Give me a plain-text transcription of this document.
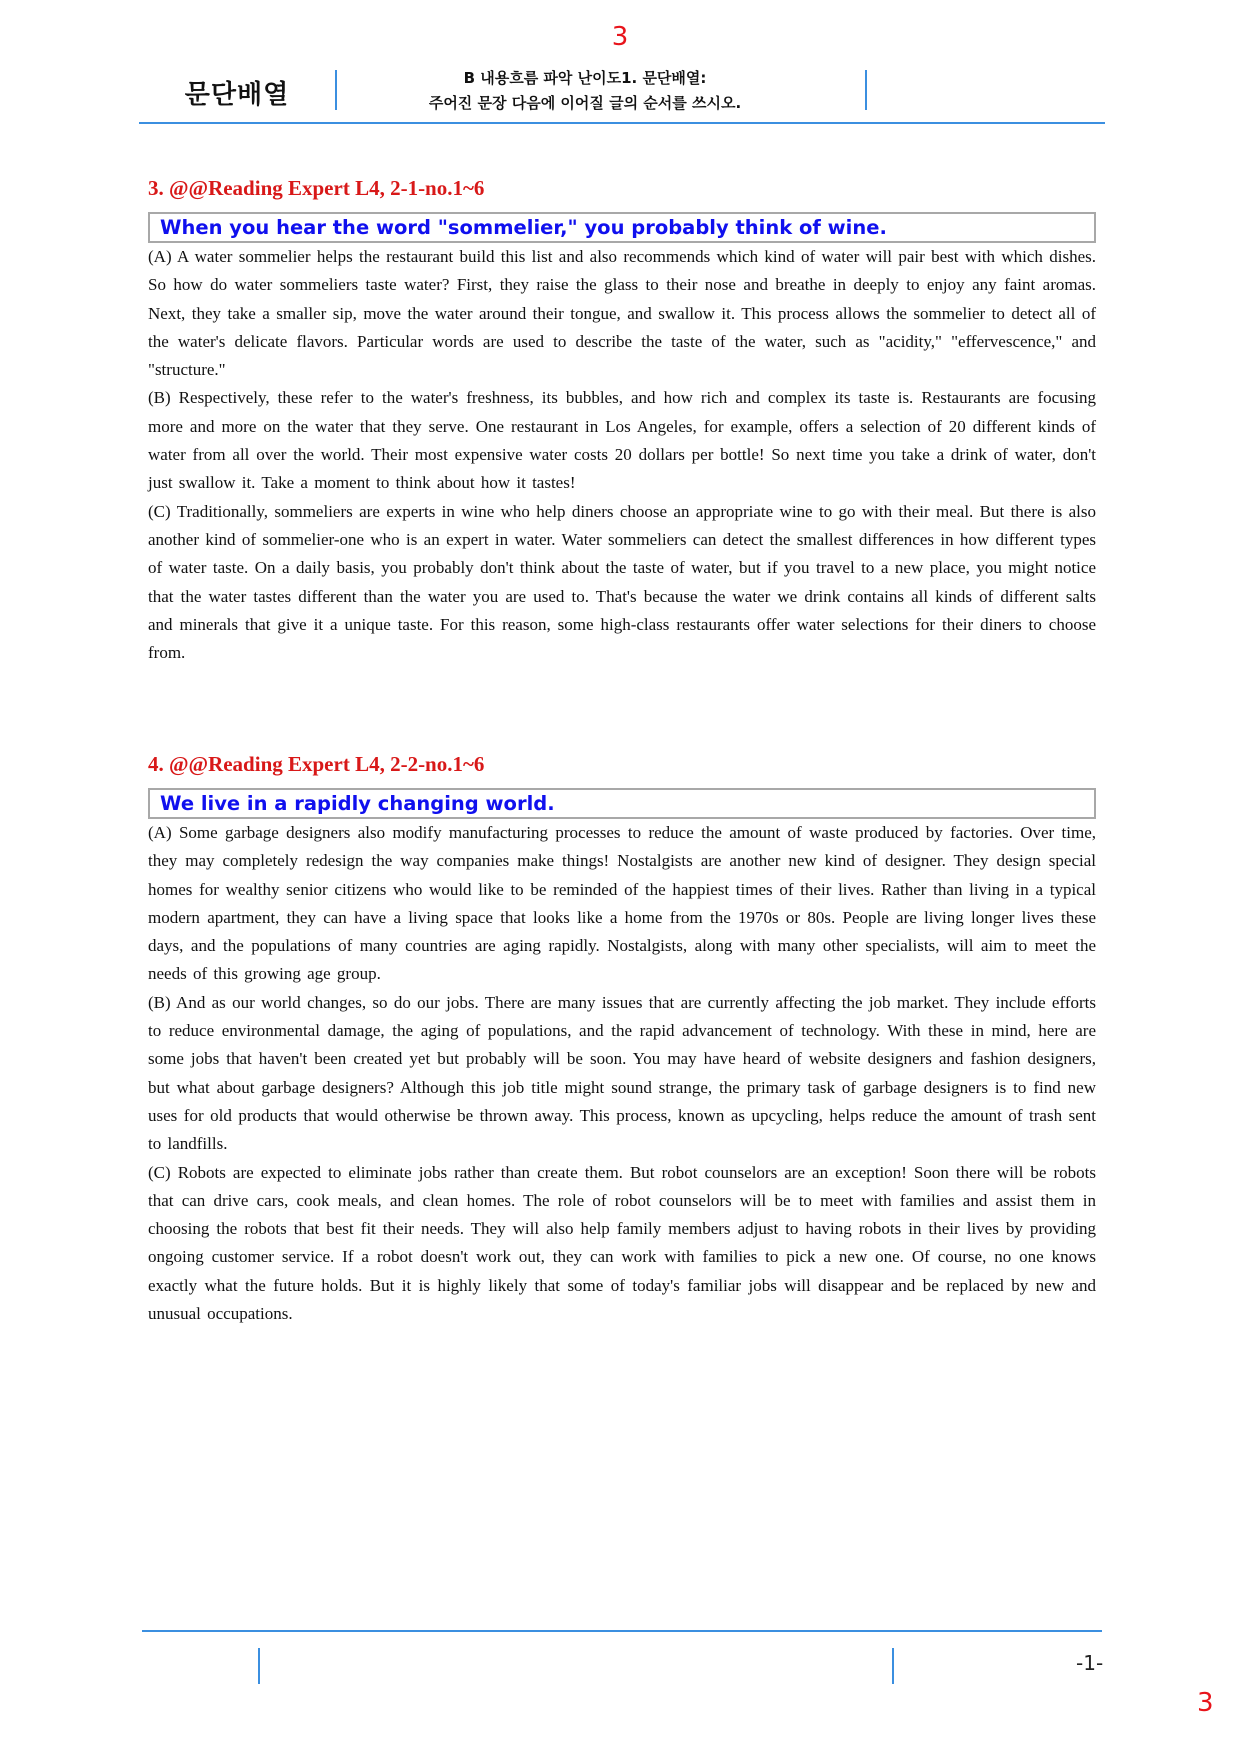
3
문단배열
B 내용흐름 파악 난이도1. 문단배열:
주어진 문장 다음에 이어질 글의 순서를 쓰시오.

3. @@Reading Expert L4, 2-1-no.1~6

When you hear the word "sommelier," you probably think of wine.

(A) A water sommelier helps the restaurant build this list and also recommends which kind of water will pair best with which dishes. So how do water sommeliers taste water? First, they raise the glass to their nose and breathe in deeply to enjoy any faint aromas. Next, they take a smaller sip, move the water around their tongue, and swallow it. This process allows the sommelier to detect all of the water's delicate flavors. Particular words are used to describe the taste of the water, such as "acidity," "effervescence," and "structure."

(B) Respectively, these refer to the water's freshness, its bubbles, and how rich and complex its taste is. Restaurants are focusing more and more on the water that they serve. One restaurant in Los Angeles, for example, offers a selection of 20 different kinds of water from all over the world. Their most expensive water costs 20 dollars per bottle! So next time you take a drink of water, don't just swallow it. Take a moment to think about how it tastes!

(C) Traditionally, sommeliers are experts in wine who help diners choose an appropriate wine to go with their meal. But there is also another kind of sommelier-one who is an expert in water. Water sommeliers can detect the smallest differences in how different types of water taste. On a daily basis, you probably don't think about the taste of water, but if you travel to a new place, you might notice that the water tastes different than the water you are used to. That's because the water we drink contains all kinds of different salts and minerals that give it a unique taste. For this reason, some high-class restaurants offer water selections for their diners to choose from.

4. @@Reading Expert L4, 2-2-no.1~6

We live in a rapidly changing world.

(A) Some garbage designers also modify manufacturing processes to reduce the amount of waste produced by factories. Over time, they may completely redesign the way companies make things! Nostalgists are another new kind of designer. They design special homes for wealthy senior citizens who would like to be reminded of the happiest times of their lives. Rather than living in a typical modern apartment, they can have a living space that looks like a home from the 1970s or 80s. People are living longer lives these days, and the populations of many countries are aging rapidly. Nostalgists, along with many other specialists, will aim to meet the needs of this growing age group.

(B) And as our world changes, so do our jobs. There are many issues that are currently affecting the job market. They include efforts to reduce environmental damage, the aging of populations, and the rapid advancement of technology. With these in mind, here are some jobs that haven't been created yet but probably will be soon. You may have heard of website designers and fashion designers, but what about garbage designers? Although this job title might sound strange, the primary task of garbage designers is to find new uses for old products that would otherwise be thrown away. This process, known as upcycling, helps reduce the amount of trash sent to landfills.

(C) Robots are expected to eliminate jobs rather than create them. But robot counselors are an exception! Soon there will be robots that can drive cars, cook meals, and clean homes. The role of robot counselors will be to meet with families and assist them in choosing the robots that best fit their needs. They will also help family members adjust to having robots in their lives by providing ongoing customer service. If a robot doesn't work out, they can work with families to pick a new one. Of course, no one knows exactly what the future holds. But it is highly likely that some of today's familiar jobs will disappear and be replaced by new and unusual occupations.

-1-
3
